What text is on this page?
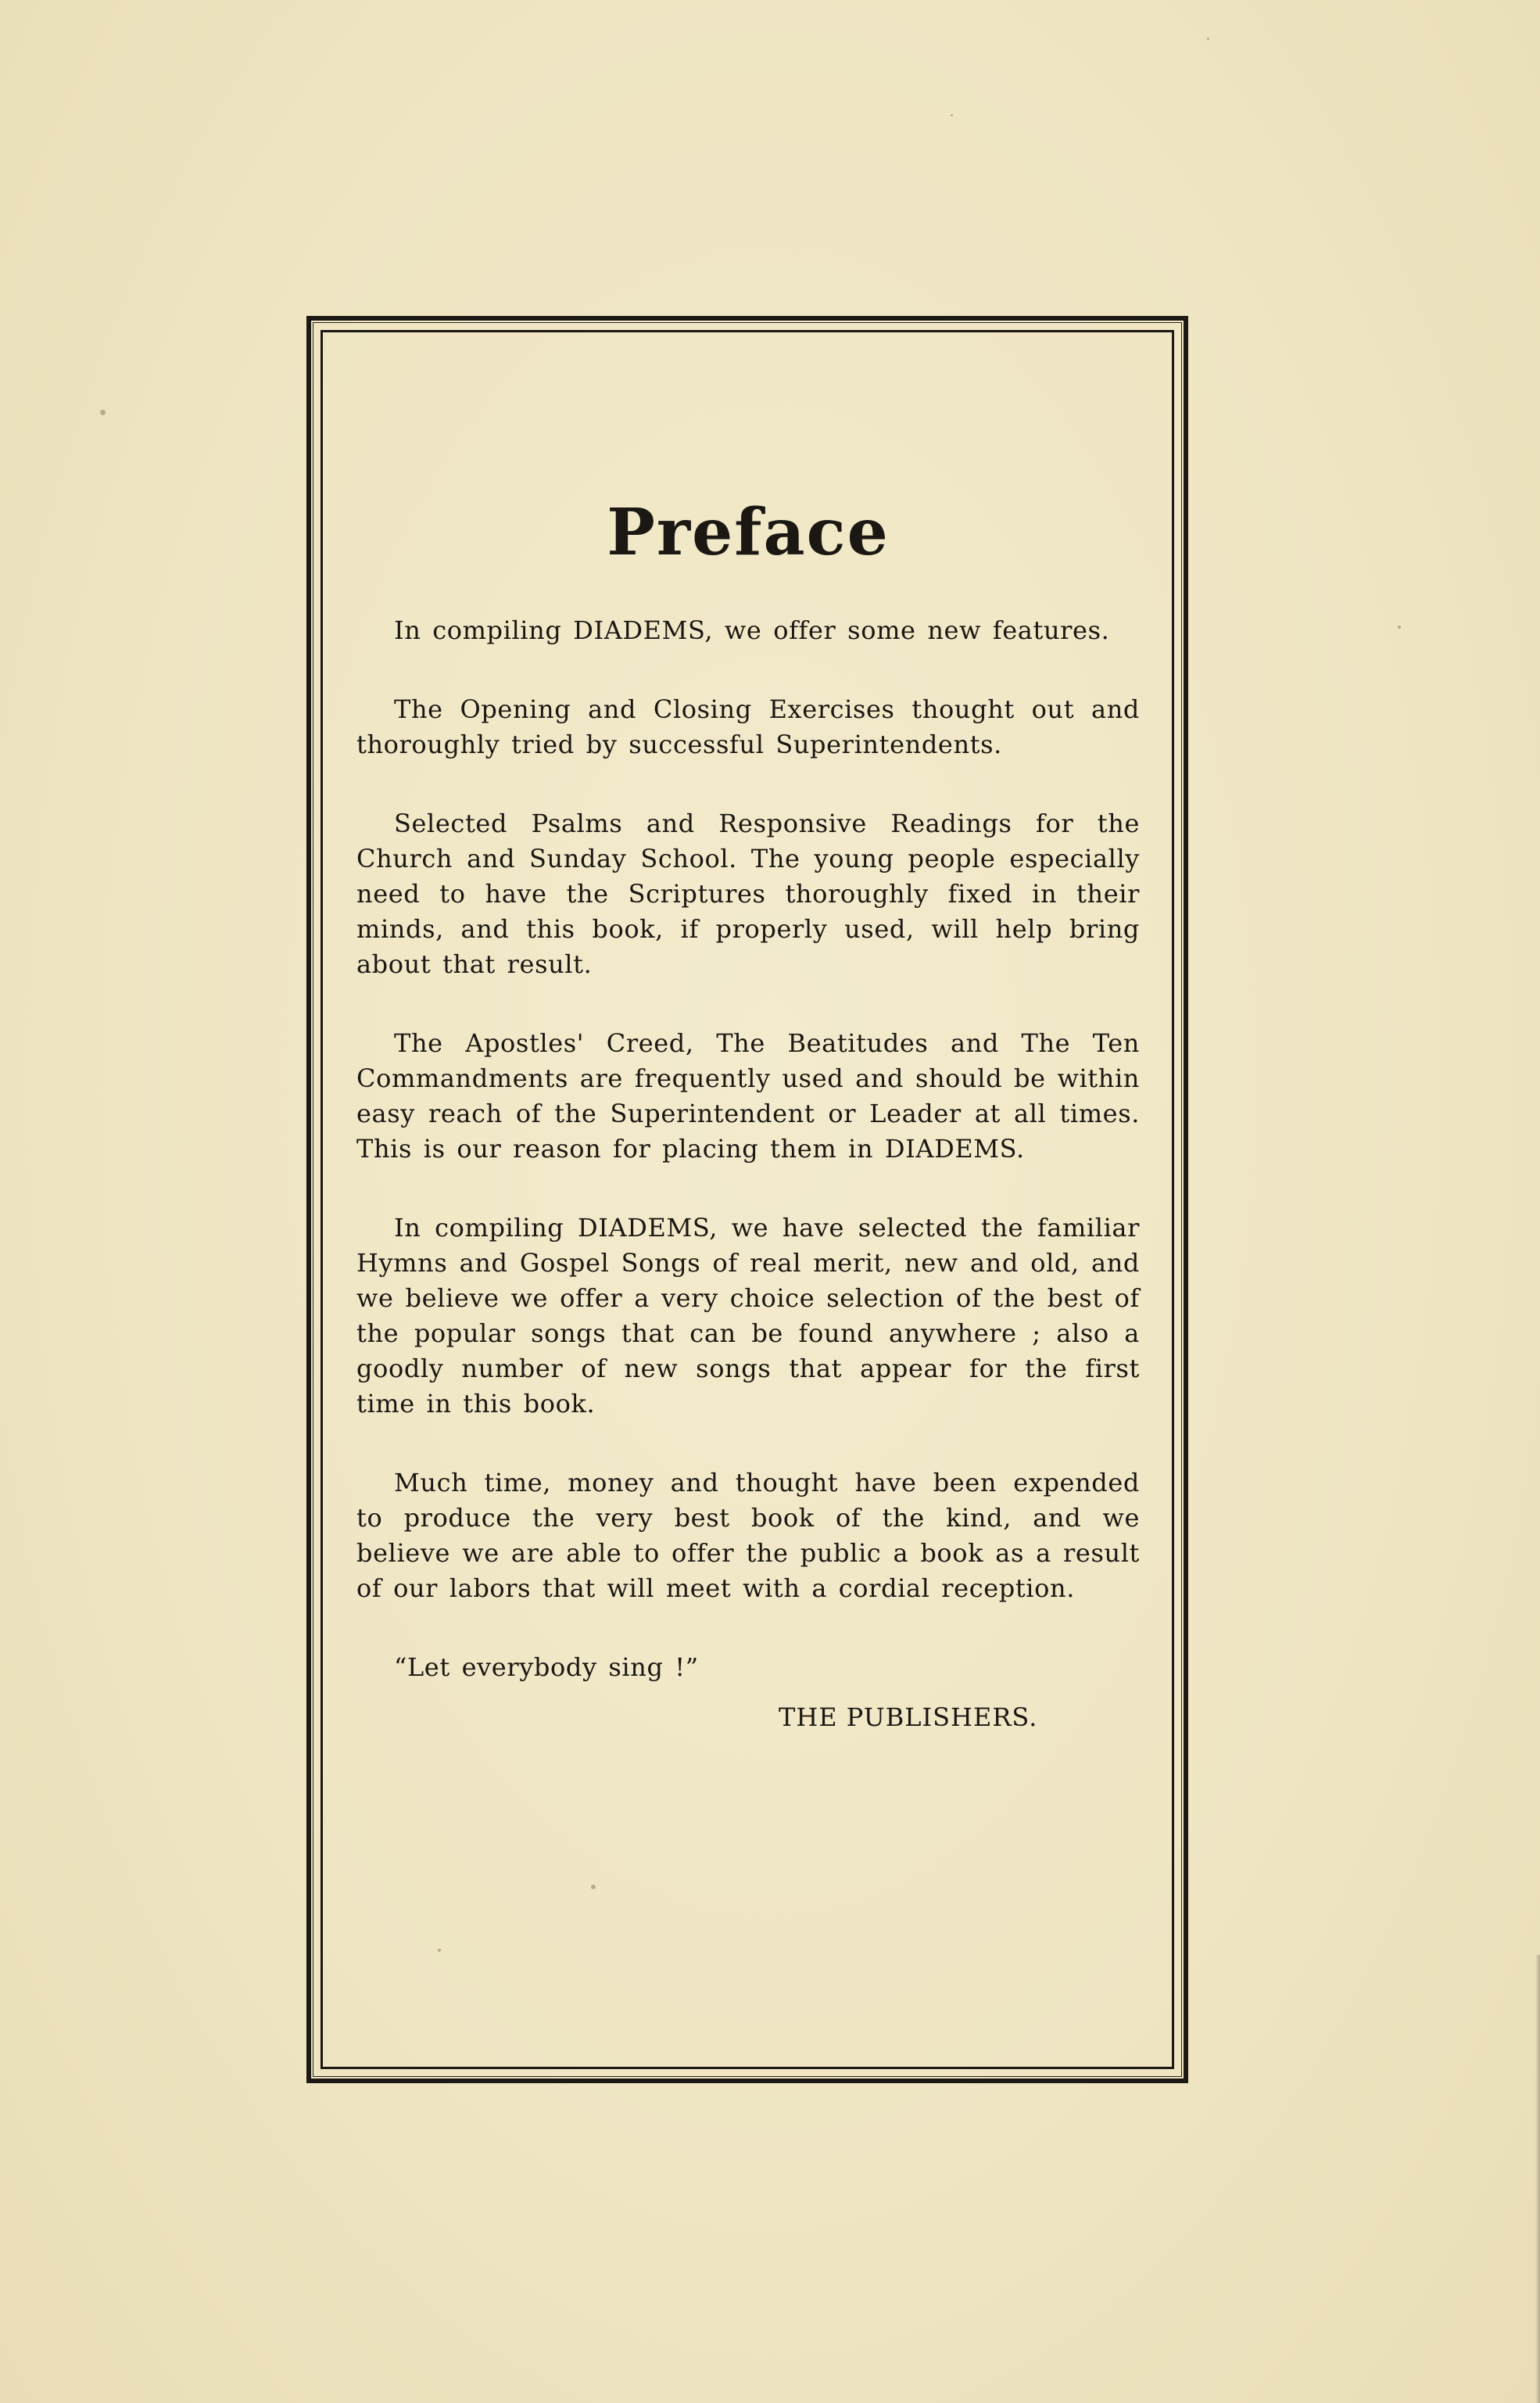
Preface

In compiling DIADEMS, we offer some new features.

The Opening and Closing Exercises thought out and thoroughly tried by successful Superintendents.

Selected Psalms and Responsive Readings for the Church and Sunday School. The young people especially need to have the Scriptures thoroughly fixed in their minds, and this book, if properly used, will help bring about that result.

The Apostles' Creed, The Beatitudes and The Ten Commandments are frequently used and should be within easy reach of the Superintendent or Leader at all times. This is our reason for placing them in DIADEMS.

In compiling DIADEMS, we have selected the familiar Hymns and Gospel Songs of real merit, new and old, and we believe we offer a very choice selection of the best of the popular songs that can be found anywhere ; also a goodly number of new songs that appear for the first time in this book.

Much time, money and thought have been expended to produce the very best book of the kind, and we believe we are able to offer the public a book as a result of our labors that will meet with a cordial reception.

“Let everybody sing !”

THE PUBLISHERS.
